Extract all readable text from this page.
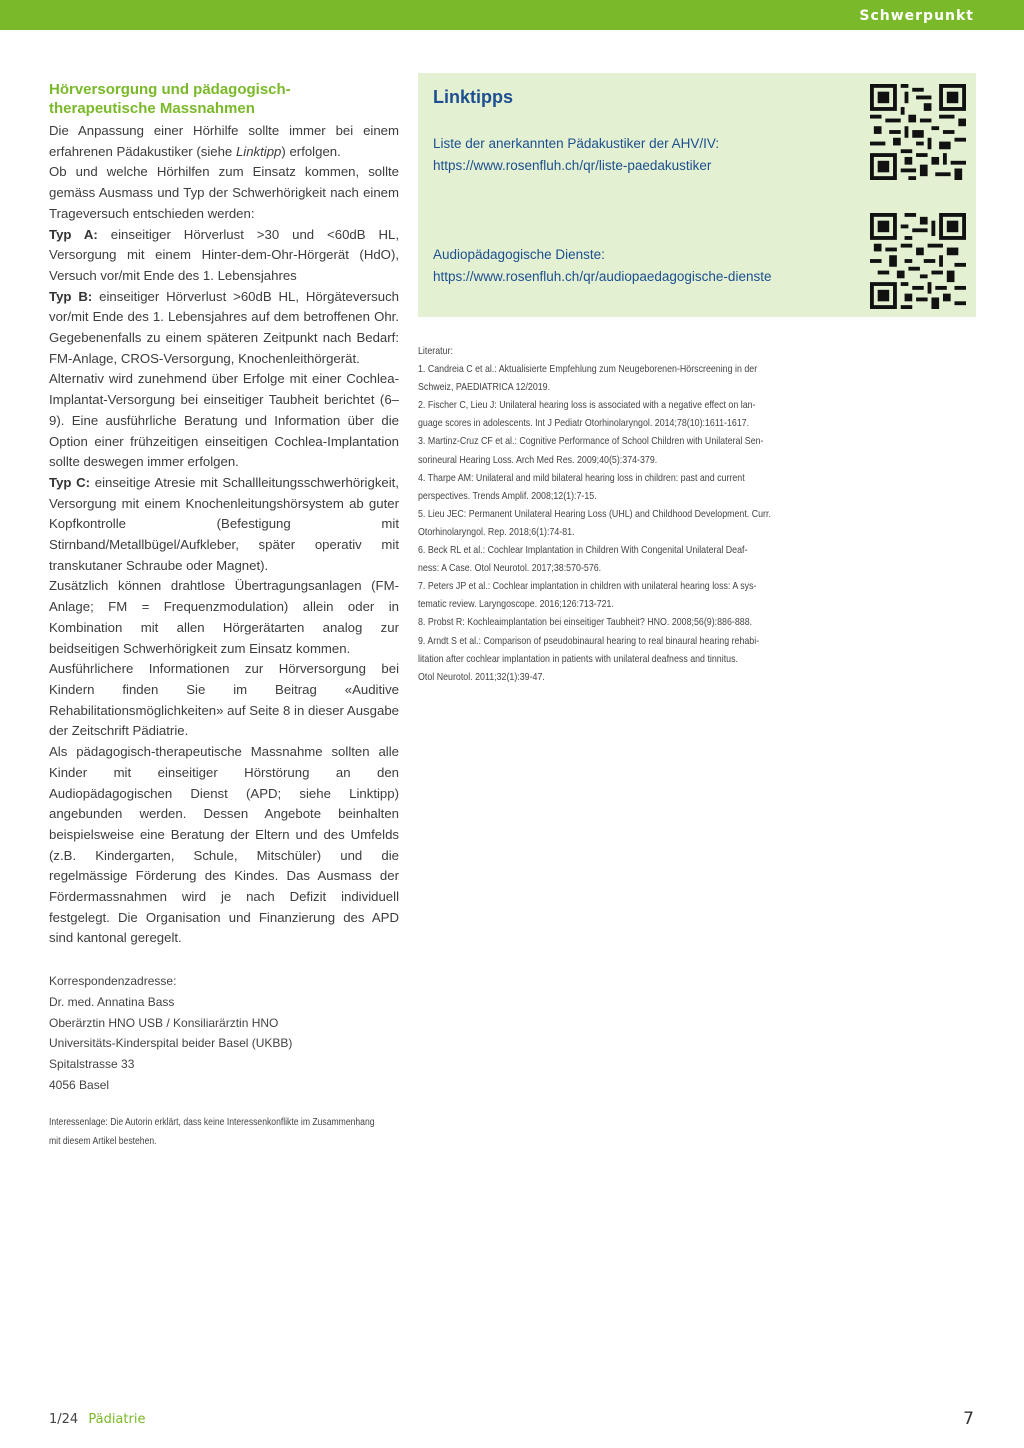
Schwerpunkt
Hörversorgung und pädagogisch-
therapeutische Massnahmen

Die Anpassung einer Hörhilfe sollte immer bei einem erfahrenen Pädakustiker (siehe Linktipp) erfolgen.

Ob und welche Hörhilfen zum Einsatz kommen, sollte gemäss Ausmass und Typ der Schwerhörigkeit nach einem Trageversuch entschieden werden:

Typ A: einseitiger Hörverlust >30 und <60dB HL, Versorgung mit einem Hinter-dem-Ohr-Hörgerät (HdO), Versuch vor/mit Ende des 1. Lebensjahres

Typ B: einseitiger Hörverlust >60dB HL, Hörgäteversuch vor/mit Ende des 1. Lebensjahres auf dem betroffenen Ohr. Gegebenenfalls zu einem späteren Zeitpunkt nach Bedarf: FM-Anlage, CROS-Versorgung, Knochenleithörgerät.

Alternativ wird zunehmend über Erfolge mit einer Cochlea-Implantat-Versorgung bei einseitiger Taubheit berichtet (6–9). Eine ausführliche Beratung und Information über die Option einer frühzeitigen einseitigen Cochlea-Implantation sollte deswegen immer erfolgen.

Typ C: einseitige Atresie mit Schallleitungsschwerhörigkeit, Versorgung mit einem Knochenleitungshörsystem ab guter Kopfkontrolle (Befestigung mit Stirnband/Metallbügel/Aufkleber, später operativ mit transkutaner Schraube oder Magnet).

Zusätzlich können drahtlose Übertragungsanlagen (FM-Anlage; FM = Frequenzmodulation) allein oder in Kombination mit allen Hörgerätarten analog zur beidseitigen Schwerhörigkeit zum Einsatz kommen.

Ausführlichere Informationen zur Hörversorgung bei Kindern finden Sie im Beitrag «Auditive Rehabilitationsmöglichkeiten» auf Seite 8 in dieser Ausgabe der Zeitschrift Pädiatrie.

Als pädagogisch-therapeutische Massnahme sollten alle Kinder mit einseitiger Hörstörung an den Audiopädagogischen Dienst (APD; siehe Linktipp) angebunden werden. Dessen Angebote beinhalten beispielsweise eine Beratung der Eltern und des Umfelds (z.B. Kindergarten, Schule, Mitschüler) und die regelmässige Förderung des Kindes. Das Ausmass der Fördermassnahmen wird je nach Defizit individuell festgelegt. Die Organisation und Finanzierung des APD sind kantonal geregelt.

Korrespondenzadresse:
Dr. med. Annatina Bass
Oberärztin HNO USB / Konsiliarärztin HNO
Universitäts-Kinderspital beider Basel (UKBB)
Spitalstrasse 33
4056 Basel
Interessenlage: Die Autorin erklärt, dass keine Interessenkonflikte im Zusammenhang
mit diesem Artikel bestehen.
Linktipps
Liste der anerkannten Pädakustiker der AHV/IV:
https://www.rosenfluh.ch/qr/liste-paedakustiker
Audiopädagogische Dienste:
https://www.rosenfluh.ch/qr/audiopaedagogische-dienste
Literatur:
1. Candreia C et al.: Aktualisierte Empfehlung zum Neugeborenen-Hörscreening in der
Schweiz, PAEDIATRICA 12/2019.
2. Fischer C, Lieu J: Unilateral hearing loss is associated with a negative effect on lan-
guage scores in adolescents. Int J Pediatr Otorhinolaryngol. 2014;78(10):1611-1617.
3. Martinz-Cruz CF et al.: Cognitive Performance of School Children with Unilateral Sen-
sorineural Hearing Loss. Arch Med Res. 2009;40(5):374-379.
4. Tharpe AM: Unilateral and mild bilateral hearing loss in children: past and current
perspectives. Trends Amplif. 2008;12(1):7-15.
5. Lieu JEC: Permanent Unilateral Hearing Loss (UHL) and Childhood Development. Curr.
Otorhinolaryngol. Rep. 2018;6(1):74-81.
6. Beck RL et al.: Cochlear Implantation in Children With Congenital Unilateral Deaf-
ness: A Case. Otol Neurotol. 2017;38:570-576.
7. Peters JP et al.: Cochlear implantation in children with unilateral hearing loss: A sys-
tematic review. Laryngoscope. 2016;126:713-721.
8. Probst R: Kochleaimplantation bei einseitiger Taubheit? HNO. 2008;56(9):886-888.
9. Arndt S et al.: Comparison of pseudobinaural hearing to real binaural hearing rehabi-
litation after cochlear implantation in patients with unilateral deafness and tinnitus.
Otol Neurotol. 2011;32(1):39-47.
1/24 Pädiatrie	7
